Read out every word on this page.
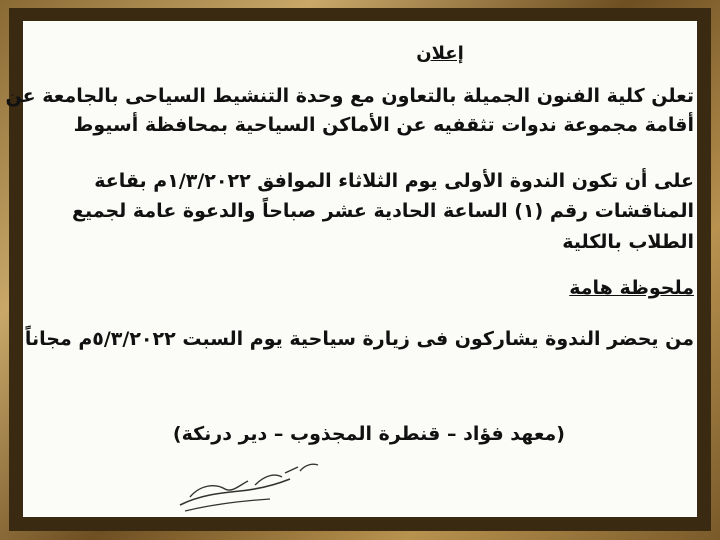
إعلان
تعلن كلية الفنون الجميلة بالتعاون مع وحدة التنشيط السياحى بالجامعة عن
أقامة مجموعة ندوات تثقفيه عن الأماكن السياحية بمحافظة أسيوط
على أن تكون الندوة الأولى يوم الثلاثاء الموافق ١/٣/٢٠٢٢م بقاعة
المناقشات رقم (١) الساعة الحادية عشر صباحاً والدعوة عامة لجميع
الطلاب بالكلية
ملحوظة هامة
من يحضر الندوة يشاركون فى زيارة سياحية يوم السبت ٥/٣/٢٠٢٢م مجاناً
(معهد فؤاد – قنطرة المجذوب – دير درنكة)
